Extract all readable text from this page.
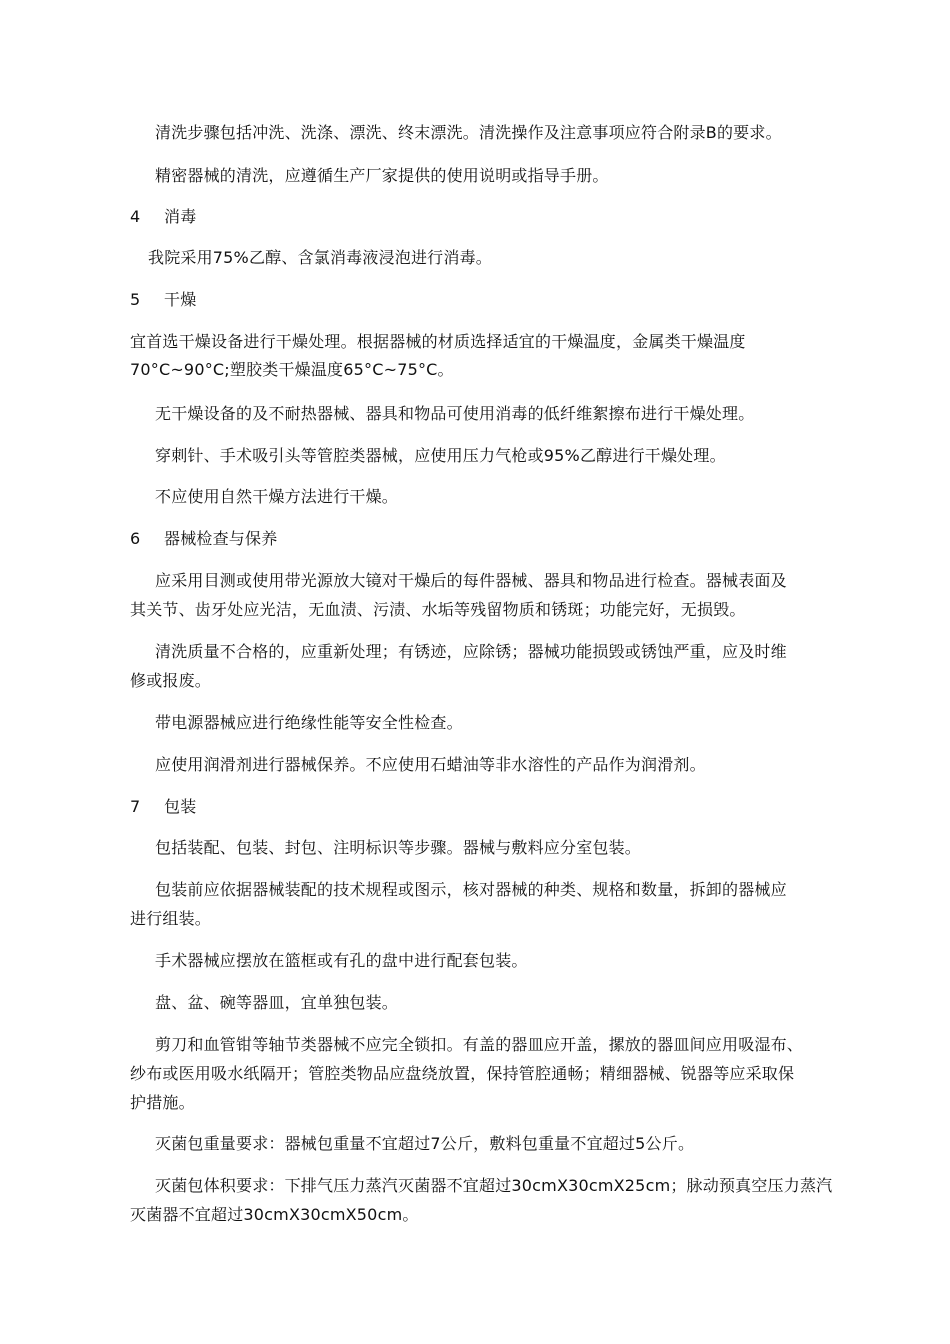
清洗步骤包括冲洗、洗涤、漂洗、终末漂洗。清洗操作及注意事项应符合附录B的要求。
精密器械的清洗，应遵循生产厂家提供的使用说明或指导手册。
4 消毒
我院采用75%乙醇、含氯消毒液浸泡进行消毒。
5 干燥
宜首选干燥设备进行干燥处理。根据器械的材质选择适宜的干燥温度，金属类干燥温度
70°C~90°C;塑胶类干燥温度65°C~75°C。
无干燥设备的及不耐热器械、器具和物品可使用消毒的低纤维絮擦布进行干燥处理。
穿刺针、手术吸引头等管腔类器械，应使用压力气枪或95%乙醇进行干燥处理。
不应使用自然干燥方法进行干燥。
6 器械检查与保养
应采用目测或使用带光源放大镜对干燥后的每件器械、器具和物品进行检查。器械表面及
其关节、齿牙处应光洁，无血渍、污渍、水垢等残留物质和锈斑；功能完好，无损毁。
清洗质量不合格的，应重新处理；有锈迹，应除锈；器械功能损毁或锈蚀严重，应及时维
修或报废。
带电源器械应进行绝缘性能等安全性检查。
应使用润滑剂进行器械保养。不应使用石蜡油等非水溶性的产品作为润滑剂。
7 包装
包括装配、包装、封包、注明标识等步骤。器械与敷料应分室包装。
包装前应依据器械装配的技术规程或图示，核对器械的种类、规格和数量，拆卸的器械应
进行组装。
手术器械应摆放在篮框或有孔的盘中进行配套包装。
盘、盆、碗等器皿，宜单独包装。
剪刀和血管钳等轴节类器械不应完全锁扣。有盖的器皿应开盖，摞放的器皿间应用吸湿布、
纱布或医用吸水纸隔开；管腔类物品应盘绕放置，保持管腔通畅；精细器械、锐器等应采取保
护措施。
灭菌包重量要求：器械包重量不宜超过7公斤，敷料包重量不宜超过5公斤。
灭菌包体积要求：下排气压力蒸汽灭菌器不宜超过30cmX30cmX25cm；脉动预真空压力蒸汽
灭菌器不宜超过30cmX30cmX50cm。
